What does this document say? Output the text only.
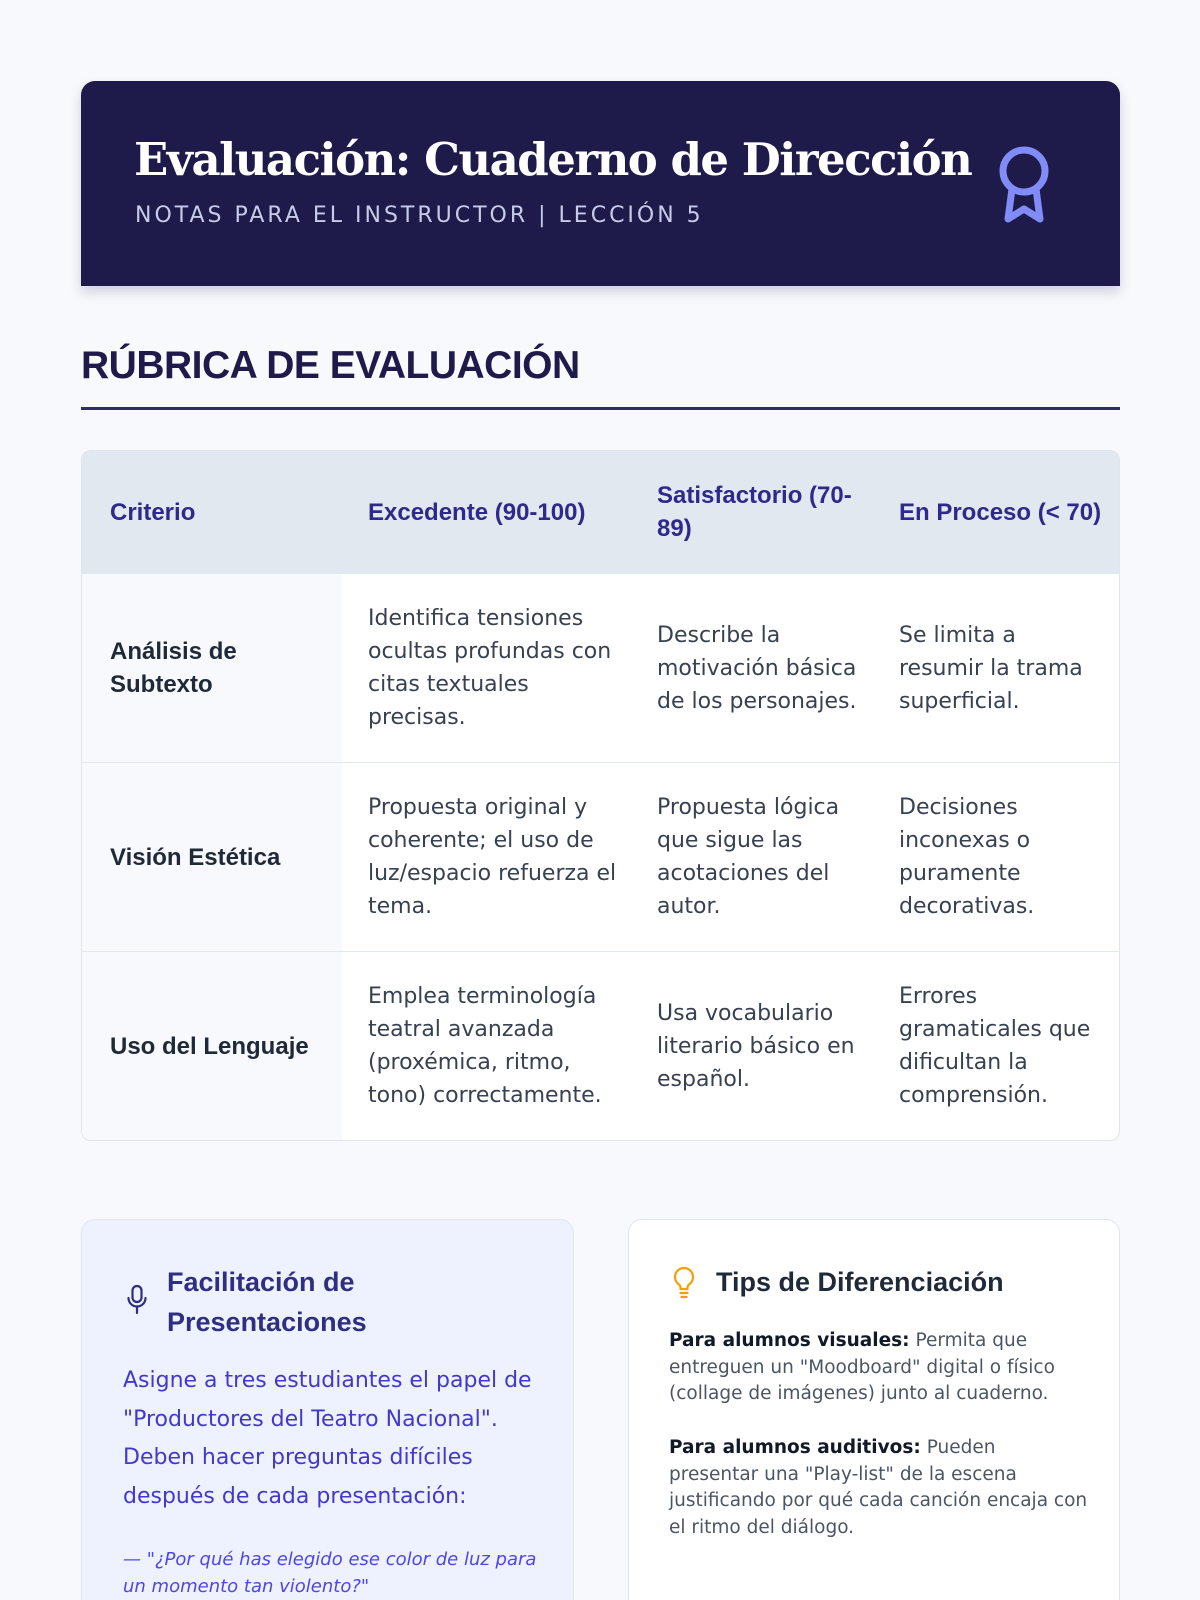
Evaluación: Cuaderno de Dirección
NOTAS PARA EL INSTRUCTOR | LECCIÓN 5
RÚBRICA DE EVALUACIÓN
Criterio	Excedente (90-100)
Satisfactorio (70-89)
En Proceso (< 70)
Análisis de Subtexto
Identifica tensiones ocultas profundas con citas textuales precisas.
Describe la motivación básica de los personajes.
Se limita a resumir la trama superficial.
Visión Estética
Propuesta original y coherente; el uso de luz/espacio refuerza el tema.
Propuesta lógica que sigue las acotaciones del autor.
Decisiones inconexas o puramente decorativas.
Uso del Lenguaje
Emplea terminología teatral avanzada (proxémica, ritmo, tono) correctamente.
Usa vocabulario literario básico en español.
Errores gramaticales que dificultan la comprensión.
Facilitación de Presentaciones

Asigne a tres estudiantes el papel de "Productores del Teatro Nacional". Deben hacer preguntas difíciles después de cada presentación:

— "¿Por qué has elegido ese color de luz para un momento tan violento?"

Tips de Diferenciación

Para alumnos visuales: Permita que entreguen un "Moodboard" digital o físico (collage de imágenes) junto al cuaderno.

Para alumnos auditivos: Pueden presentar una "Play-list" de la escena justificando por qué cada canción encaja con el ritmo del diálogo.
